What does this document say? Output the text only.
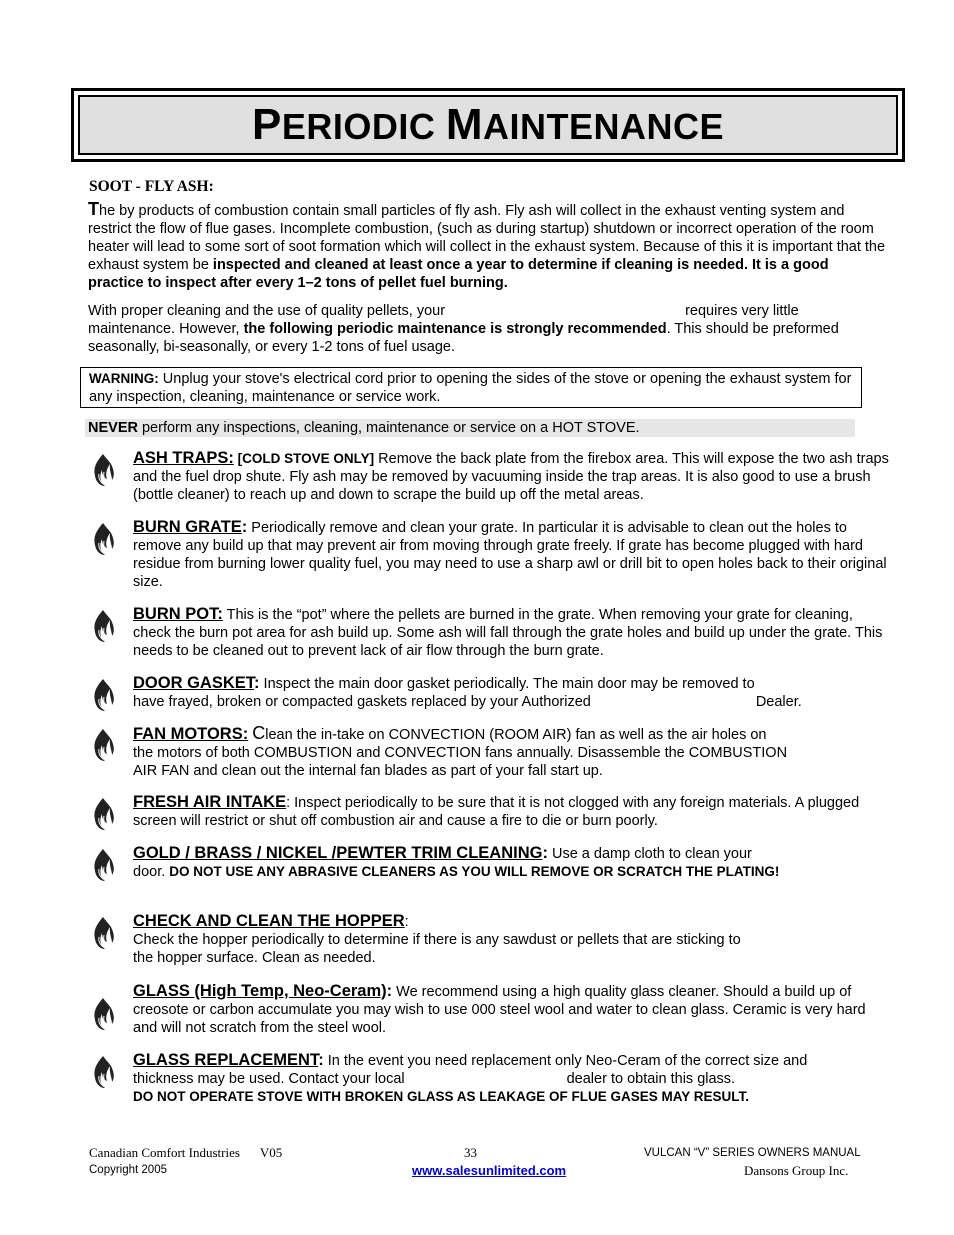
PERIODIC MAINTENANCE
SOOT - FLY ASH:
The by products of combustion contain small particles of fly ash. Fly ash will collect in the exhaust venting system and restrict the flow of flue gases. Incomplete combustion, (such as during startup) shutdown or incorrect operation of the room heater will lead to some sort of soot formation which will collect in the exhaust system. Because of this it is important that the exhaust system be inspected and cleaned at least once a year to determine if cleaning is needed. It is a good practice to inspect after every 1–2 tons of pellet fuel burning.
With proper cleaning and the use of quality pellets, your	requires very little
maintenance. However, the following periodic maintenance is strongly recommended. This should be preformed seasonally, bi-seasonally, or every 1-2 tons of fuel usage.
WARNING: Unplug your stove's electrical cord prior to opening the sides of the stove or opening the exhaust system for any inspection, cleaning, maintenance or service work.
NEVER perform any inspections, cleaning, maintenance or service on a HOT STOVE.
ASH TRAPS: [COLD STOVE ONLY] Remove the back plate from the firebox area. This will expose the two ash traps and the fuel drop shute. Fly ash may be removed by vacuuming inside the trap areas. It is also good to use a brush (bottle cleaner) to reach up and down to scrape the build up off the metal areas.
BURN GRATE: Periodically remove and clean your grate. In particular it is advisable to clean out the holes to remove any build up that may prevent air from moving through grate freely. If grate has become plugged with hard residue from burning lower quality fuel, you may need to use a sharp awl or drill bit to open holes back to their original size.
BURN POT: This is the “pot” where the pellets are burned in the grate. When removing your grate for cleaning, check the burn pot area for ash build up. Some ash will fall through the grate holes and build up under the grate. This needs to be cleaned out to prevent lack of air flow through the burn grate.
DOOR GASKET: Inspect the main door gasket periodically. The main door may be removed to
have frayed, broken or compacted gaskets replaced by your Authorized	Dealer.
FAN MOTORS: Clean the in-take on CONVECTION (ROOM AIR) fan as well as the air holes on
the motors of both COMBUSTION and CONVECTION fans annually. Disassemble the COMBUSTION
AIR FAN and clean out the internal fan blades as part of your fall start up.
FRESH AIR INTAKE: Inspect periodically to be sure that it is not clogged with any foreign materials. A plugged screen will restrict or shut off combustion air and cause a fire to die or burn poorly.
GOLD / BRASS / NICKEL /PEWTER TRIM CLEANING: Use a damp cloth to clean your
door. DO NOT USE ANY ABRASIVE CLEANERS AS YOU WILL REMOVE OR SCRATCH THE PLATING!
CHECK AND CLEAN THE HOPPER:
Check the hopper periodically to determine if there is any sawdust or pellets that are sticking to
the hopper surface. Clean as needed.
GLASS (High Temp, Neo-Ceram): We recommend using a high quality glass cleaner. Should a build up of creosote or carbon accumulate you may wish to use 000 steel wool and water to clean glass. Ceramic is very hard and will not scratch from the steel wool.
GLASS REPLACEMENT: In the event you need replacement only Neo-Ceram of the correct size and
thickness may be used. Contact your local	dealer to obtain this glass.
DO NOT OPERATE STOVE WITH BROKEN GLASS AS LEAKAGE OF FLUE GASES MAY RESULT.
Canadian Comfort Industries V05
Copyright 2005
33
www.salesunlimited.com
VULCAN “V” SERIES OWNERS MANUAL
Dansons Group Inc.
